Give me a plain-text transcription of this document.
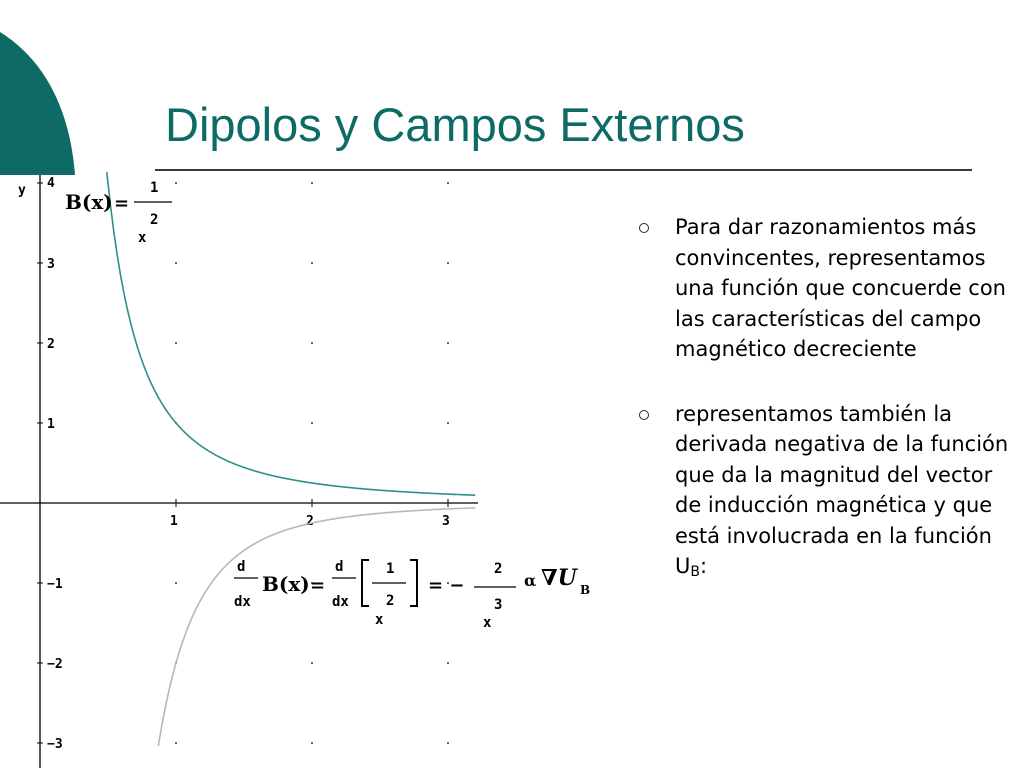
Dipolos y Campos Externos
y 4
3
2
1
−1
−2
−3
1	2	3
B(x) =
1
2
x
d
dx
B(x) =
d
dx
1
2
x
= −
2
3
x
α ∇U B
Para dar razonamientos más convincentes, representamos una función que concuerde con las características del campo magnético decreciente
representamos también la derivada negativa de la función que da la magnitud del vector de inducción magnética y que está involucrada en la función $U_B$:
